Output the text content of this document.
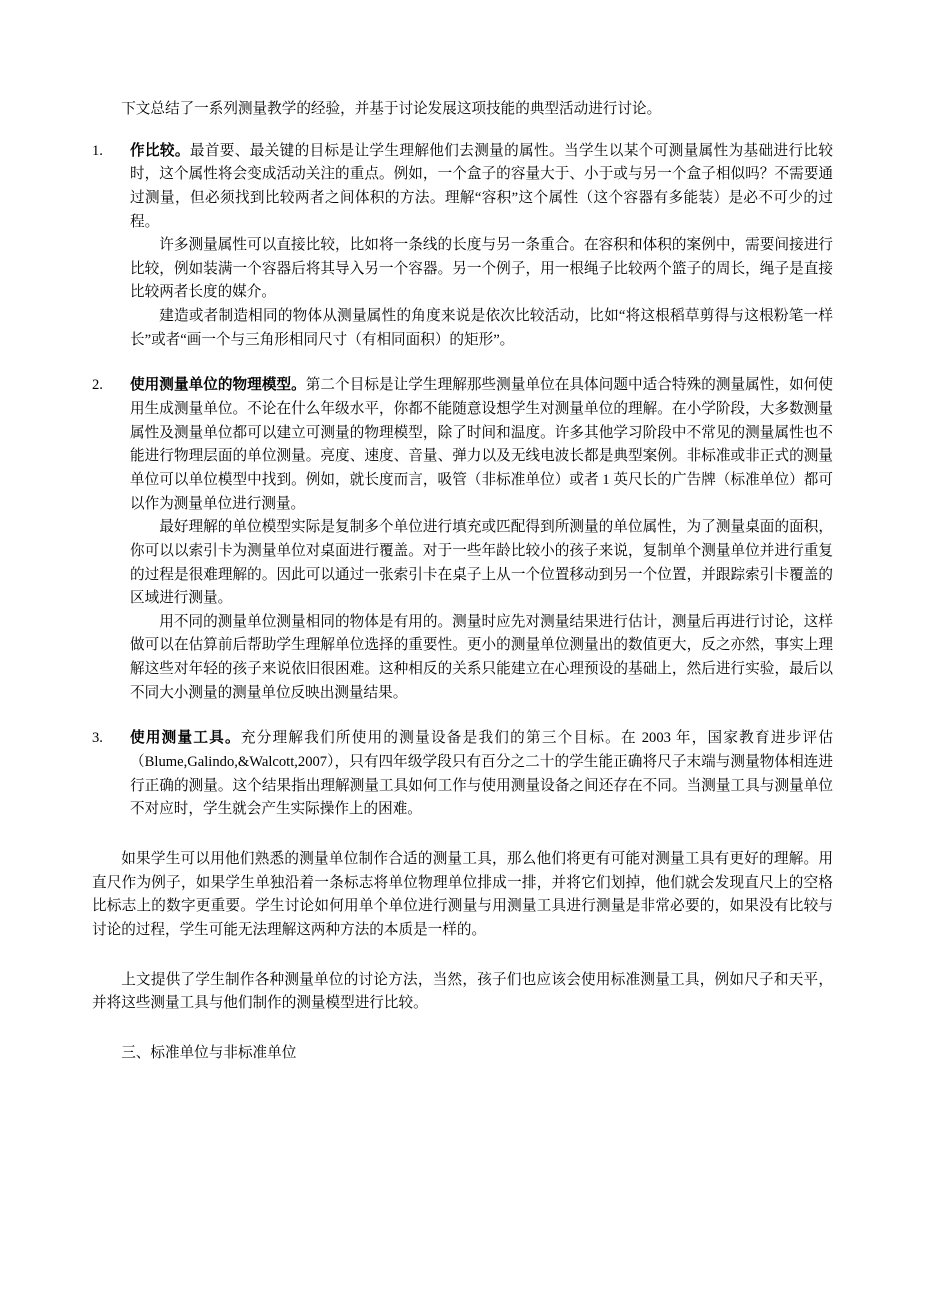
下文总结了一系列测量教学的经验，并基于讨论发展这项技能的典型活动进行讨论。

1.	作比较。最首要、最关键的目标是让学生理解他们去测量的属性。当学生以某个可测量属性为基础进行比较时，这个属性将会变成活动关注的重点。例如，一个盒子的容量大于、小于或与另一个盒子相似吗？不需要通过测量，但必须找到比较两者之间体积的方法。理解“容积”这个属性（这个容器有多能装）是必不可少的过程。

许多测量属性可以直接比较，比如将一条线的长度与另一条重合。在容积和体积的案例中，需要间接进行比较，例如装满一个容器后将其导入另一个容器。另一个例子，用一根绳子比较两个篮子的周长，绳子是直接比较两者长度的媒介。

建造或者制造相同的物体从测量属性的角度来说是依次比较活动，比如“将这根稻草剪得与这根粉笔一样长”或者“画一个与三角形相同尺寸（有相同面积）的矩形”。

2.	使用测量单位的物理模型。第二个目标是让学生理解那些测量单位在具体问题中适合特殊的测量属性，如何使用生成测量单位。不论在什么年级水平，你都不能随意设想学生对测量单位的理解。在小学阶段，大多数测量属性及测量单位都可以建立可测量的物理模型，除了时间和温度。许多其他学习阶段中不常见的测量属性也不能进行物理层面的单位测量。亮度、速度、音量、弹力以及无线电波长都是典型案例。非标准或非正式的测量单位可以单位模型中找到。例如，就长度而言，吸管（非标准单位）或者 1 英尺长的广告牌（标准单位）都可以作为测量单位进行测量。

最好理解的单位模型实际是复制多个单位进行填充或匹配得到所测量的单位属性，为了测量桌面的面积，你可以以索引卡为测量单位对桌面进行覆盖。对于一些年龄比较小的孩子来说，复制单个测量单位并进行重复的过程是很难理解的。因此可以通过一张索引卡在桌子上从一个位置移动到另一个位置，并跟踪索引卡覆盖的区域进行测量。

用不同的测量单位测量相同的物体是有用的。测量时应先对测量结果进行估计，测量后再进行讨论，这样做可以在估算前后帮助学生理解单位选择的重要性。更小的测量单位测量出的数值更大，反之亦然，事实上理解这些对年轻的孩子来说依旧很困难。这种相反的关系只能建立在心理预设的基础上，然后进行实验，最后以不同大小测量的测量单位反映出测量结果。

3.	使用测量工具。充分理解我们所使用的测量设备是我们的第三个目标。在 2003 年，国家教育进步评估（Blume,Galindo,&Walcott,2007），只有四年级学段只有百分之二十的学生能正确将尺子末端与测量物体相连进行正确的测量。这个结果指出理解测量工具如何工作与使用测量设备之间还存在不同。当测量工具与测量单位不对应时，学生就会产生实际操作上的困难。

如果学生可以用他们熟悉的测量单位制作合适的测量工具，那么他们将更有可能对测量工具有更好的理解。用直尺作为例子，如果学生单独沿着一条标志将单位物理单位排成一排，并将它们划掉，他们就会发现直尺上的空格比标志上的数字更重要。学生讨论如何用单个单位进行测量与用测量工具进行测量是非常必要的，如果没有比较与讨论的过程，学生可能无法理解这两种方法的本质是一样的。

上文提供了学生制作各种测量单位的讨论方法，当然，孩子们也应该会使用标准测量工具，例如尺子和天平，并将这些测量工具与他们制作的测量模型进行比较。

三、标准单位与非标准单位
